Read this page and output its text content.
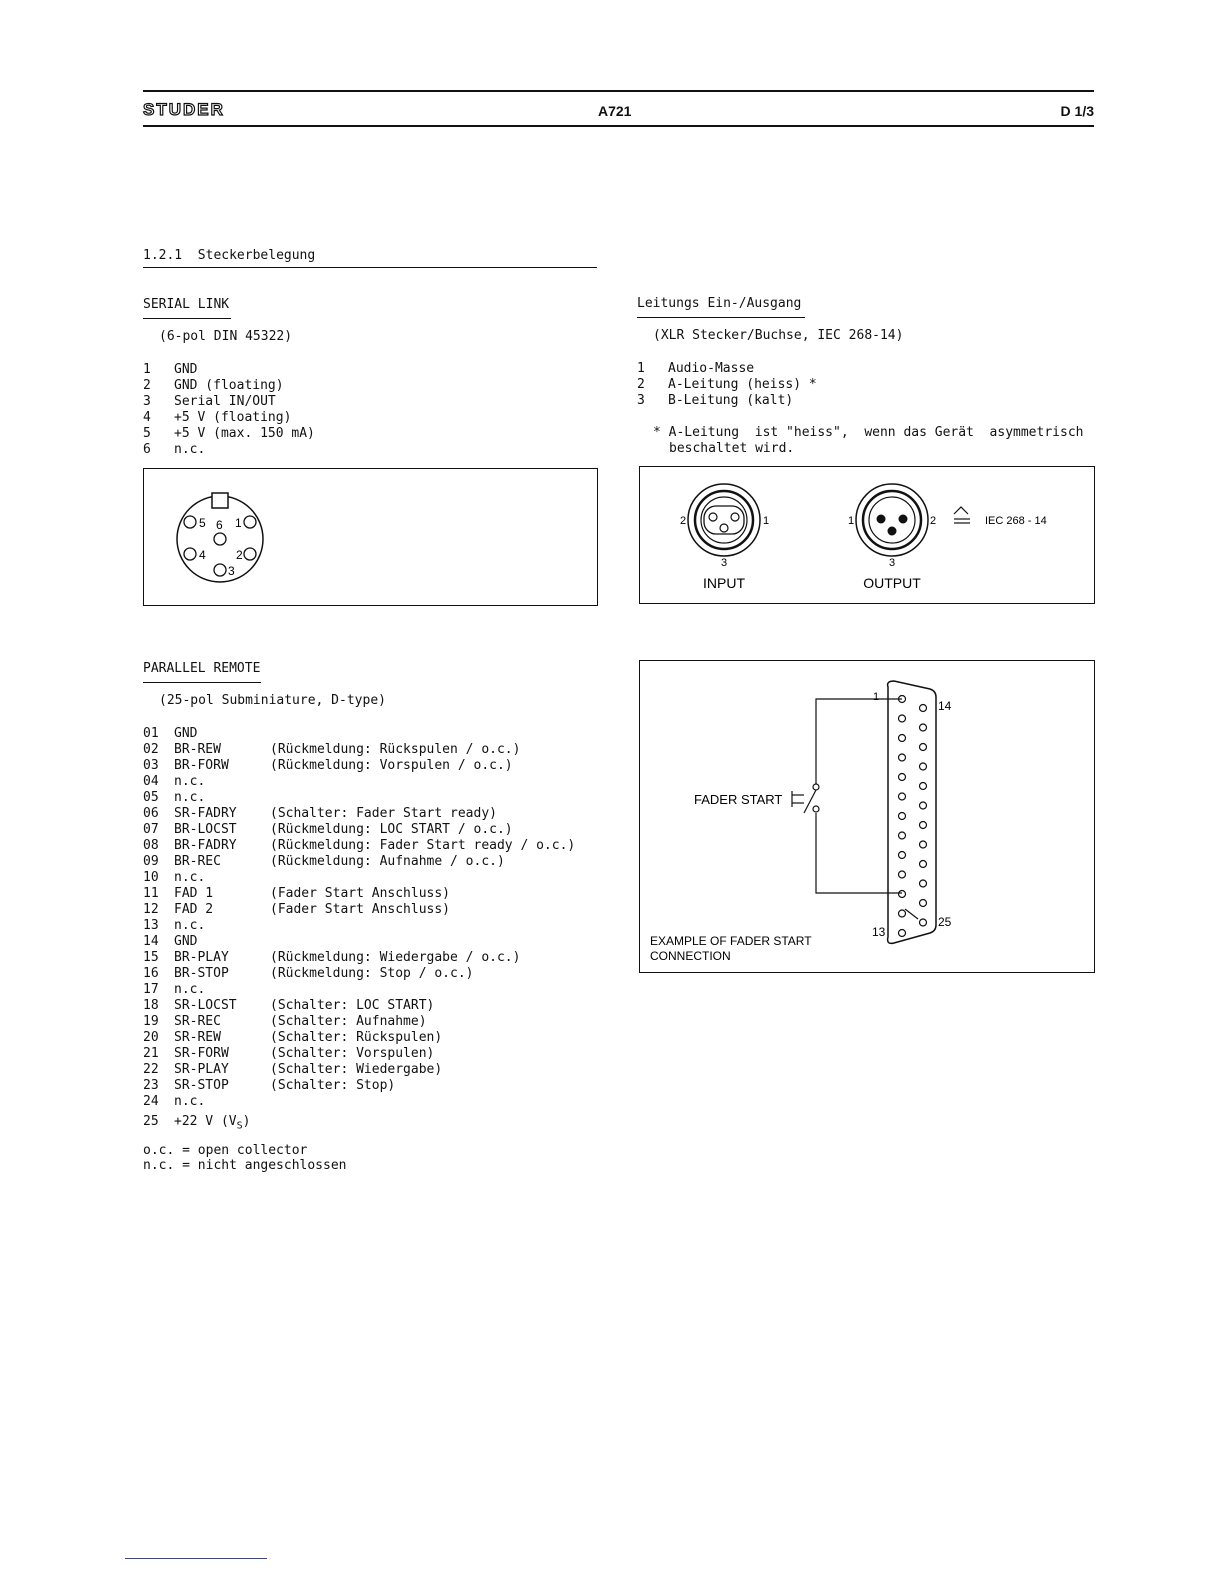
STUDER	A721	D 1/3
1.2.1 Steckerbelegung
SERIAL LINK
(6-pol DIN 45322)
1	GND
2	GND (floating)
3	Serial IN/OUT
4	+5 V (floating)
5	+5 V (max. 150 mA)
6	n.c.
5 6 1
4	2
3
Leitungs Ein-/Ausgang
(XLR Stecker/Buchse, IEC 268-14)
1	Audio-Masse
2	A-Leitung (heiss) *
3	B-Leitung (kalt)
* A-Leitung  ist "heiss",  wenn das Gerät  asymmetrisch
beschaltet wird.
2	1
3
INPUT
1	2
3
OUTPUT
IEC 268 - 14
PARALLEL REMOTE
(25-pol Subminiature, D-type)
01	GND
02	BR-REW	(Rückmeldung: Rückspulen / o.c.)
03	BR-FORW	(Rückmeldung: Vorspulen / o.c.)
04	n.c.
05	n.c.
06	SR-FADRY	(Schalter: Fader Start ready)
07	BR-LOCST	(Rückmeldung: LOC START / o.c.)
08	BR-FADRY	(Rückmeldung: Fader Start ready / o.c.)
09	BR-REC	(Rückmeldung: Aufnahme / o.c.)
10	n.c.
11	FAD 1	(Fader Start Anschluss)
12	FAD 2	(Fader Start Anschluss)
13	n.c.
14	GND
15	BR-PLAY	(Rückmeldung: Wiedergabe / o.c.)
16	BR-STOP	(Rückmeldung: Stop / o.c.)
17	n.c.
18	SR-LOCST	(Schalter: LOC START)
19	SR-REC	(Schalter: Aufnahme)
20	SR-REW	(Schalter: Rückspulen)
21	SR-FORW	(Schalter: Vorspulen)
22	SR-PLAY	(Schalter: Wiedergabe)
23	SR-STOP	(Schalter: Stop)
24	n.c.
25 +22 V $(V_S)$
o.c. = open collector
n.c. = nicht angeschlossen
1
14
13
25
FADER START
EXAMPLE OF FADER START
CONNECTION
